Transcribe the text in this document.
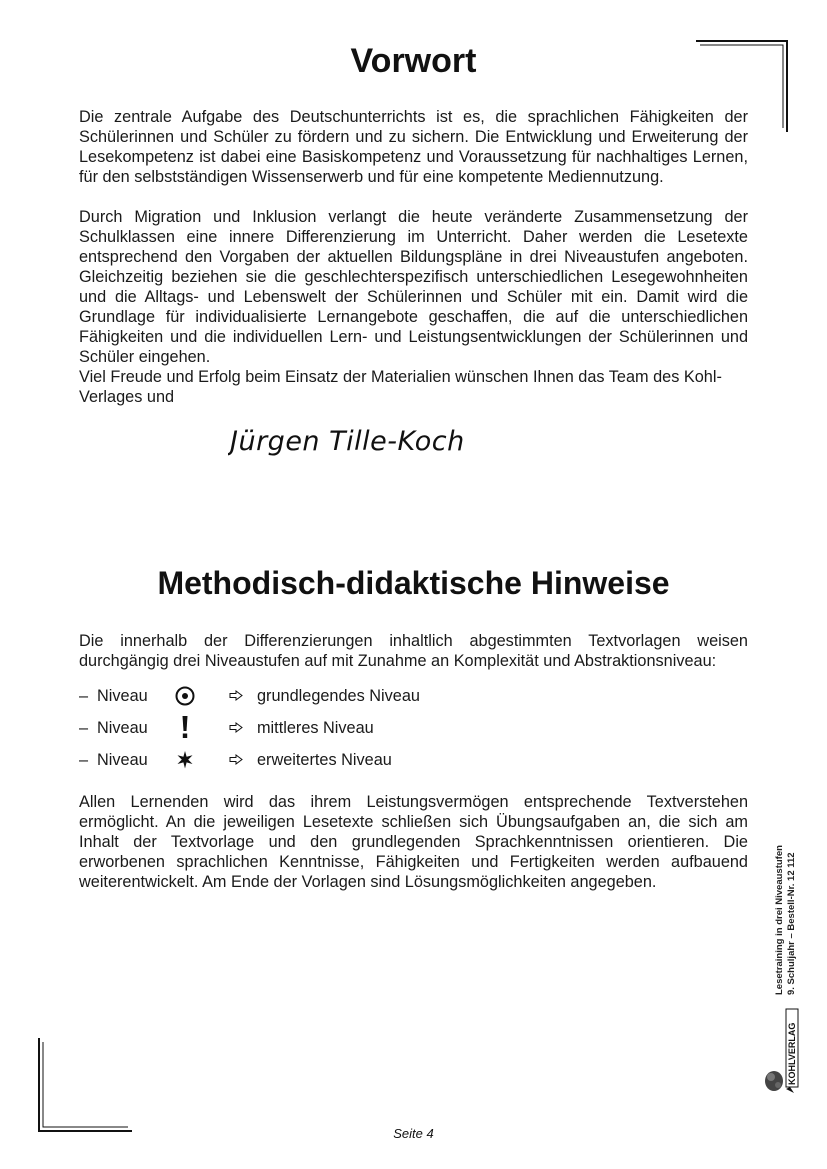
Vorwort

Die zentrale Aufgabe des Deutschunterrichts ist es, die sprachlichen Fähigkeiten der Schülerinnen und Schüler zu fördern und zu sichern. Die Entwicklung und Erweiterung der Lesekompetenz ist dabei eine Basiskompetenz und Voraussetzung für nachhaltiges Lernen, für den selbstständigen Wissenserwerb und für eine kompetente Mediennutzung.

Durch Migration und Inklusion verlangt die heute veränderte Zusammensetzung der Schulklassen eine innere Differenzierung im Unterricht. Daher werden die Lesetexte entsprechend den Vorgaben der aktuellen Bildungspläne in drei Niveaustufen angeboten. Gleichzeitig beziehen sie die geschlechterspezifisch unterschiedlichen Lesegewohnheiten und die Alltags- und Lebenswelt der Schülerinnen und Schüler mit ein. Damit wird die Grundlage für individualisierte Lernangebote geschaffen, die auf die unterschiedlichen Fähigkeiten und die individuellen Lern- und Leistungsentwicklungen der Schülerinnen und Schüler eingehen.

Viel Freude und Erfolg beim Einsatz der Materialien wünschen Ihnen das Team des Kohl-Verlages und

Jürgen Tille-Koch
Methodisch-didaktische Hinweise

Die innerhalb der Differenzierungen inhaltlich abgestimmten Textvorlagen weisen durchgängig drei Niveaustufen auf mit Zunahme an Komplexität und Abstraktionsniveau:

– Niveau	grundlegendes Niveau
– Niveau	mittleres Niveau
– Niveau	erweitertes Niveau

Allen Lernenden wird das ihrem Leistungsvermögen entsprechende Textverstehen ermöglicht. An die jeweiligen Lesetexte schließen sich Übungsaufgaben an, die sich am Inhalt der Textvorlage und den grundlegenden Sprachkenntnissen orientieren. Die erworbenen sprachlichen Kenntnisse, Fähigkeiten und Fertigkeiten werden aufbauend weiterentwickelt. Am Ende der Vorlagen sind Lösungsmöglichkeiten angegeben.	Lesetraining in drei Niveaustufen 9. Schuljahr – Bestell-Nr. 12 112
KOHLVERLAG
Seite 4
